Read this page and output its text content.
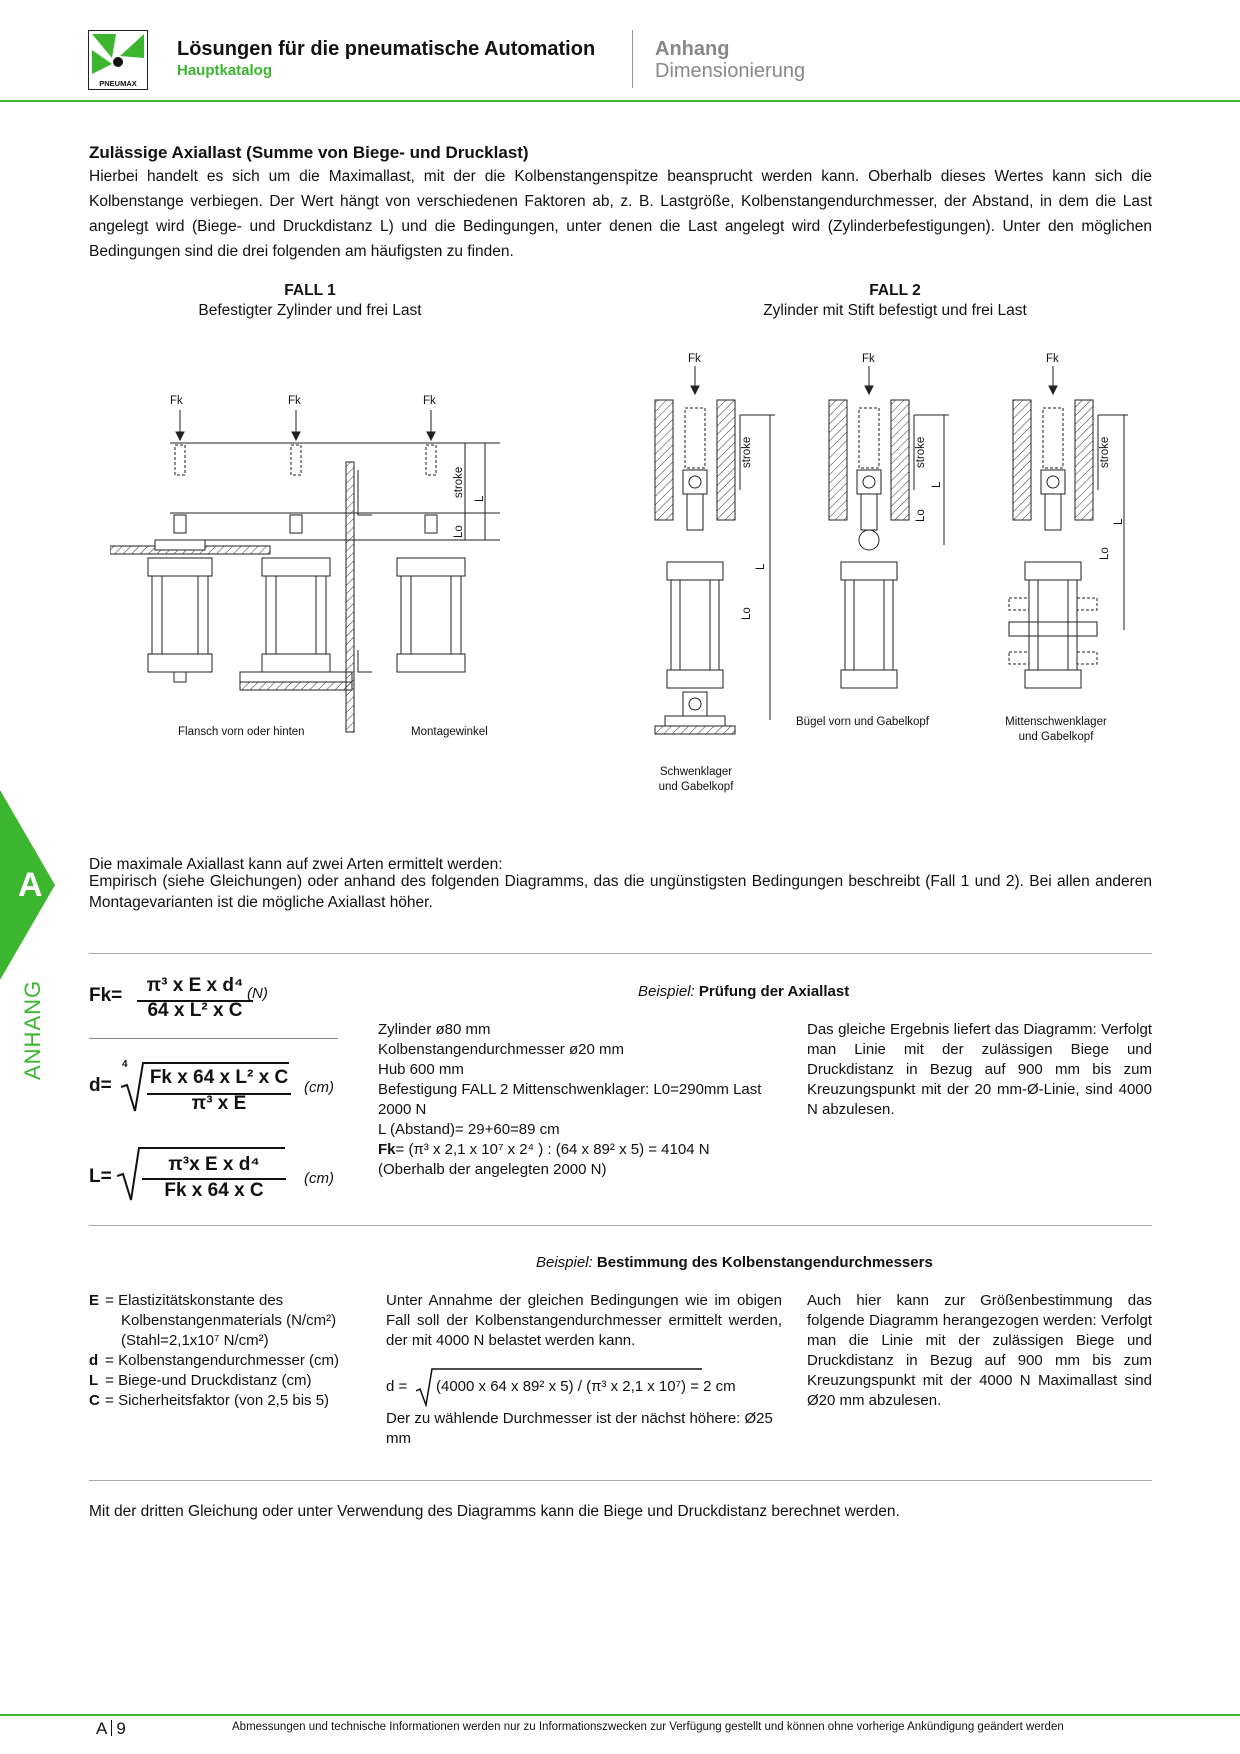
PNEUMAX
Lösungen für die pneumatische Automation
Hauptkatalog
Anhang
Dimensionierung
Zulässige Axiallast (Summe von Biege- und Drucklast)
Hierbei handelt es sich um die Maximallast, mit der die Kolbenstangenspitze beansprucht werden kann. Oberhalb dieses Wertes kann sich die Kolbenstange verbiegen. Der Wert hängt von verschiedenen Faktoren ab, z. B. Lastgröße, Kolbenstangendurchmesser, der Abstand, in dem die Last angelegt wird (Biege- und Druckdistanz L) und die Bedingungen, unter denen die Last angelegt wird (Zylinderbefestigungen). Unter den möglichen Bedingungen sind die drei folgenden am häufigsten zu finden.
FALL 1
Befestigter Zylinder und frei Last
FALL 2
Zylinder mit Stift befestigt und frei Last
Fk	Fk	Fk
stroke
L
Lo
Flansch vorn oder hinten	Montagewinkel
Fk	Fk	Fk
stroke
L
Lo
stroke
L
Lo
stroke
L
Lo
Schwenklager
und Gabelkopf
Bügel vorn und Gabelkopf	Mittenschwenklager
und Gabelkopf
A
ANHANG
Die maximale Axiallast kann auf zwei Arten ermittelt werden:
Empirisch (siehe Gleichungen) oder anhand des folgenden Diagramms, das die ungünstigsten Bedingungen beschreibt (Fall 1 und 2). Bei allen anderen Montagevarianten ist die mögliche Axiallast höher.
Fk=	π³ x E x d⁴
64 x L² x C
(N)
d=
4
Fk x 64 x L² x C
π³ x E
(cm)
L=
π³x E x d⁴
Fk x 64 x C
(cm)
Beispiel: Prüfung der Axiallast
Zylinder ø80 mm
Kolbenstangendurchmesser ø20 mm
Hub 600 mm
Befestigung FALL 2 Mittenschwenklager: L0=290mm Last 2000 N
L (Abstand)= 29+60=89 cm
Fk= (π³ x 2,1 x 10⁷ x 2⁴ ) : (64 x 89² x 5) = 4104 N
(Oberhalb der angelegten 2000 N)
Das gleiche Ergebnis liefert das Diagramm: Verfolgt man Linie mit der zulässigen Biege und Druckdistanz in Bezug auf 900 mm bis zum Kreuzungspunkt mit der 20 mm-Ø-Linie, sind 4000 N abzulesen.
Beispiel: Bestimmung des Kolbenstangendurchmessers
E = Elastizitätskonstante des
Kolbenstangenmaterials (N/cm²)
(Stahl=2,1x10⁷ N/cm²)
d = Kolbenstangendurchmesser (cm)
L = Biege-und Druckdistanz (cm)
C = Sicherheitsfaktor (von 2,5 bis 5)
Unter Annahme der gleichen Bedingungen wie im obigen Fall soll der Kolbenstangendurchmesser ermittelt werden, der mit 4000 N belastet werden kann.
d = (4000 x 64 x 89² x 5) / (π³ x 2,1 x 10⁷) = 2 cm
Der zu wählende Durchmesser ist der nächst höhere: Ø25 mm
Auch hier kann zur Größenbestimmung das folgende Diagramm herangezogen werden: Verfolgt man die Linie mit der zulässigen Biege und Druckdistanz in Bezug auf 900 mm bis zum Kreuzungspunkt mit der 4000 N Maximallast sind Ø20 mm abzulesen.
Mit der dritten Gleichung oder unter Verwendung des Diagramms kann die Biege und Druckdistanz berechnet werden.
A 9	Abmessungen und technische Informationen werden nur zu Informationszwecken zur Verfügung gestellt und können ohne vorherige Ankündigung geändert werden
